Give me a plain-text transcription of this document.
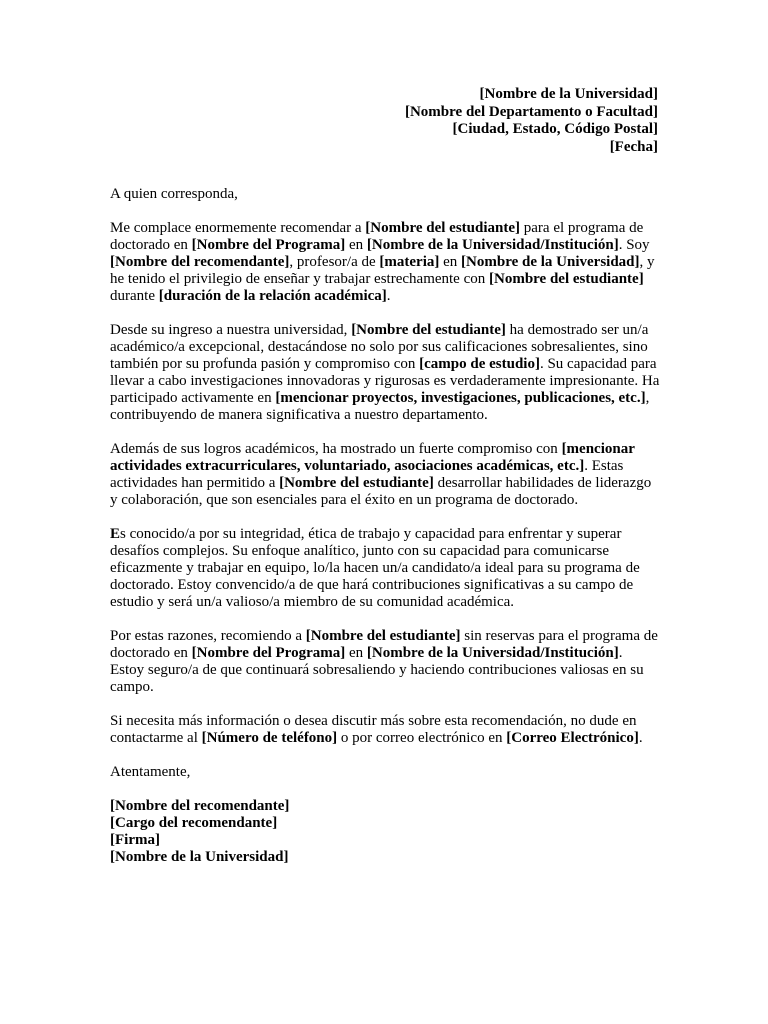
[Nombre de la Universidad]
[Nombre del Departamento o Facultad]
[Ciudad, Estado, Código Postal]
[Fecha]

A quien corresponda,

Me complace enormemente recomendar a [Nombre del estudiante] para el programa de doctorado en [Nombre del Programa] en [Nombre de la Universidad/Institución]. Soy [Nombre del recomendante], profesor/a de [materia] en [Nombre de la Universidad], y he tenido el privilegio de enseñar y trabajar estrechamente con [Nombre del estudiante] durante [duración de la relación académica].

Desde su ingreso a nuestra universidad, [Nombre del estudiante] ha demostrado ser un/a académico/a excepcional, destacándose no solo por sus calificaciones sobresalientes, sino también por su profunda pasión y compromiso con [campo de estudio]. Su capacidad para llevar a cabo investigaciones innovadoras y rigurosas es verdaderamente impresionante. Ha participado activamente en [mencionar proyectos, investigaciones, publicaciones, etc.], contribuyendo de manera significativa a nuestro departamento.

Además de sus logros académicos, ha mostrado un fuerte compromiso con [mencionar actividades extracurriculares, voluntariado, asociaciones académicas, etc.]. Estas actividades han permitido a [Nombre del estudiante] desarrollar habilidades de liderazgo y colaboración, que son esenciales para el éxito en un programa de doctorado.

Es conocido/a por su integridad, ética de trabajo y capacidad para enfrentar y superar desafíos complejos. Su enfoque analítico, junto con su capacidad para comunicarse eficazmente y trabajar en equipo, lo/la hacen un/a candidato/a ideal para su programa de doctorado. Estoy convencido/a de que hará contribuciones significativas a su campo de estudio y será un/a valioso/a miembro de su comunidad académica.

Por estas razones, recomiendo a [Nombre del estudiante] sin reservas para el programa de doctorado en [Nombre del Programa] en [Nombre de la Universidad/Institución]. Estoy seguro/a de que continuará sobresaliendo y haciendo contribuciones valiosas en su campo.

Si necesita más información o desea discutir más sobre esta recomendación, no dude en contactarme al [Número de teléfono] o por correo electrónico en [Correo Electrónico].

Atentamente,

[Nombre del recomendante]
[Cargo del recomendante]
[Firma]
[Nombre de la Universidad]
